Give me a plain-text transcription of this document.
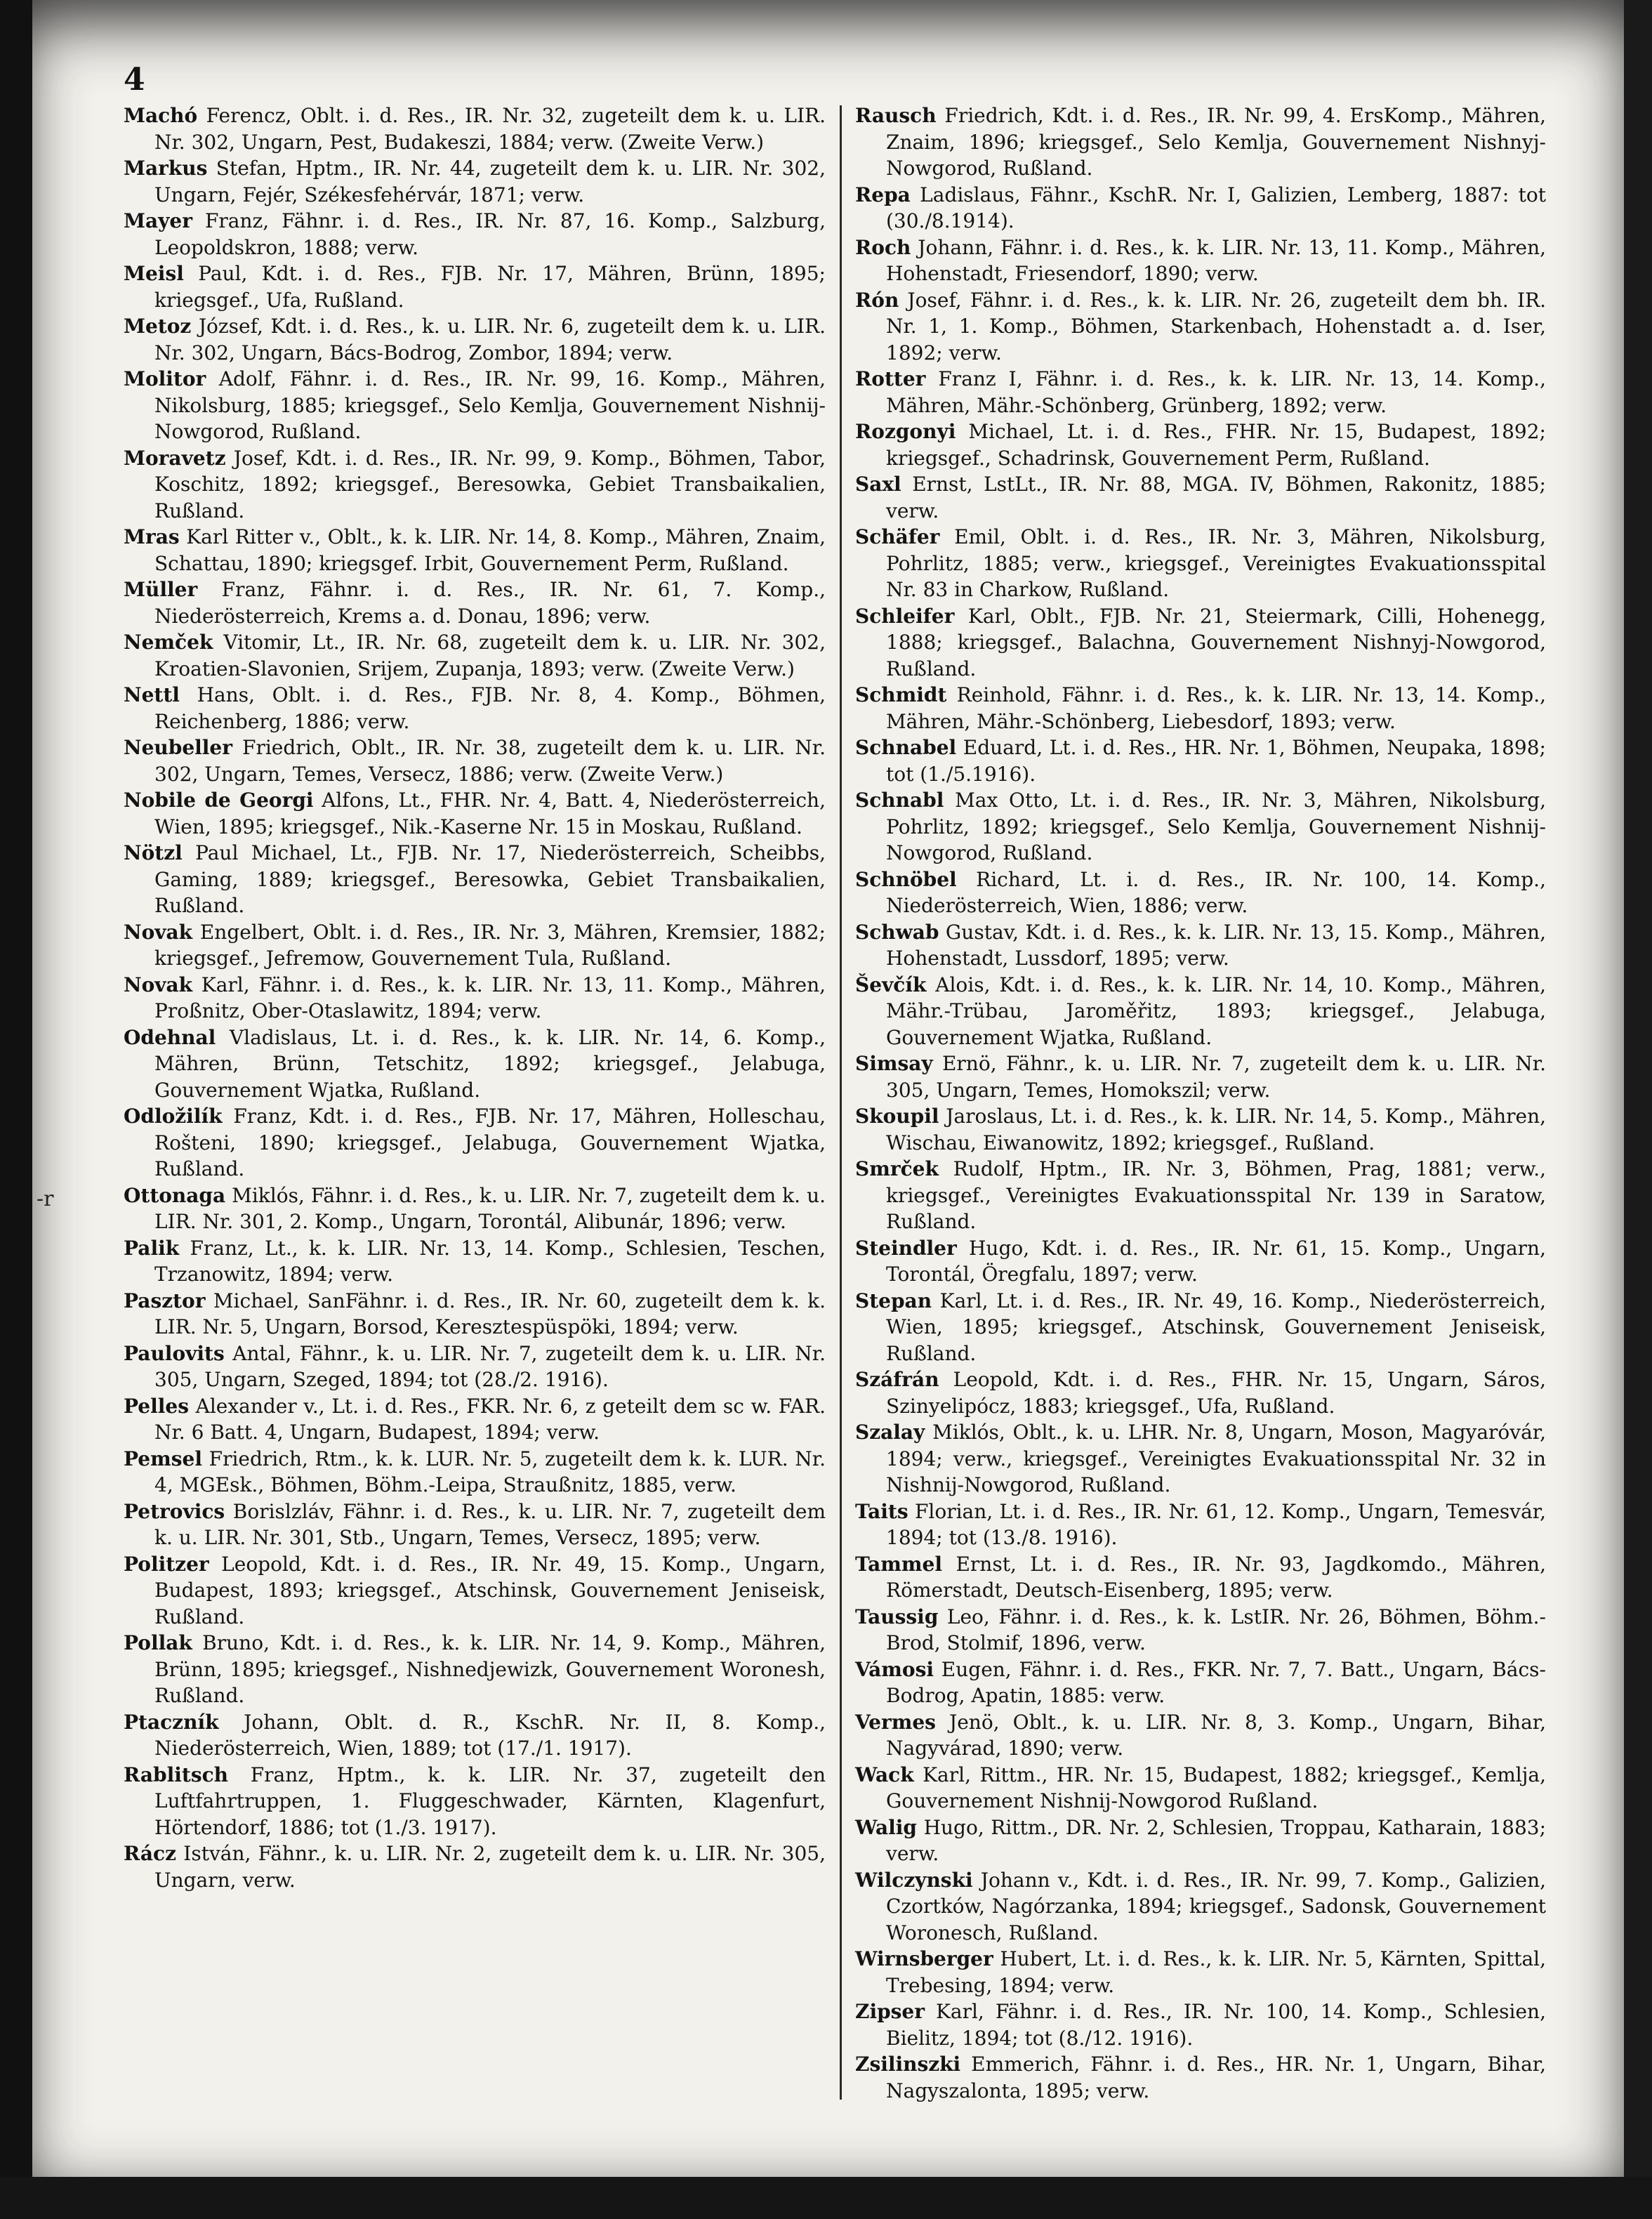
4
-r

Machó Ferencz, Oblt. i. d. Res., IR. Nr. 32, zugeteilt dem k. u. LIR. Nr. 302, Ungarn, Pest, Budakeszi, 1884; verw. (Zweite Verw.)

Markus Stefan, Hptm., IR. Nr. 44, zugeteilt dem k. u. LIR. Nr. 302, Ungarn, Fejér, Székesfehérvár, 1871; verw.

Mayer Franz, Fähnr. i. d. Res., IR. Nr. 87, 16. Komp., Salzburg, Leopoldskron, 1888; verw.

Meisl Paul, Kdt. i. d. Res., FJB. Nr. 17, Mähren, Brünn, 1895; kriegsgef., Ufa, Rußland.

Metoz József, Kdt. i. d. Res., k. u. LIR. Nr. 6, zugeteilt dem k. u. LIR. Nr. 302, Ungarn, Bács-Bodrog, Zombor, 1894; verw.

Molitor Adolf, Fähnr. i. d. Res., IR. Nr. 99, 16. Komp., Mähren, Nikolsburg, 1885; kriegsgef., Selo Kemlja, Gouvernement Nishnij-Nowgorod, Rußland.

Moravetz Josef, Kdt. i. d. Res., IR. Nr. 99, 9. Komp., Böhmen, Tabor, Koschitz, 1892; kriegsgef., Beresowka, Gebiet Transbaikalien, Rußland.

Mras Karl Ritter v., Oblt., k. k. LIR. Nr. 14, 8. Komp., Mähren, Znaim, Schattau, 1890; kriegsgef. Irbit, Gouvernement Perm, Rußland.

Müller Franz, Fähnr. i. d. Res., IR. Nr. 61, 7. Komp., Niederösterreich, Krems a. d. Donau, 1896; verw.

Nemček Vitomir, Lt., IR. Nr. 68, zugeteilt dem k. u. LIR. Nr. 302, Kroatien-Slavonien, Srijem, Zupanja, 1893; verw. (Zweite Verw.)

Nettl Hans, Oblt. i. d. Res., FJB. Nr. 8, 4. Komp., Böhmen, Reichenberg, 1886; verw.

Neubeller Friedrich, Oblt., IR. Nr. 38, zugeteilt dem k. u. LIR. Nr. 302, Ungarn, Temes, Versecz, 1886; verw. (Zweite Verw.)

Nobile de Georgi Alfons, Lt., FHR. Nr. 4, Batt. 4, Niederösterreich, Wien, 1895; kriegsgef., Nik.-Kaserne Nr. 15 in Moskau, Rußland.

Nötzl Paul Michael, Lt., FJB. Nr. 17, Niederösterreich, Scheibbs, Gaming, 1889; kriegsgef., Beresowka, Gebiet Transbaikalien, Rußland.

Novak Engelbert, Oblt. i. d. Res., IR. Nr. 3, Mähren, Kremsier, 1882; kriegsgef., Jefremow, Gouvernement Tula, Rußland.

Novak Karl, Fähnr. i. d. Res., k. k. LIR. Nr. 13, 11. Komp., Mähren, Proßnitz, Ober-Otaslawitz, 1894; verw.

Odehnal Vladislaus, Lt. i. d. Res., k. k. LIR. Nr. 14, 6. Komp., Mähren, Brünn, Tetschitz, 1892; kriegsgef., Jelabuga, Gouvernement Wjatka, Rußland.

Odložilík Franz, Kdt. i. d. Res., FJB. Nr. 17, Mähren, Holleschau, Rošteni, 1890; kriegsgef., Jelabuga, Gouvernement Wjatka, Rußland.

Ottonaga Miklós, Fähnr. i. d. Res., k. u. LIR. Nr. 7, zugeteilt dem k. u. LIR. Nr. 301, 2. Komp., Ungarn, Torontál, Alibunár, 1896; verw.

Palik Franz, Lt., k. k. LIR. Nr. 13, 14. Komp., Schlesien, Teschen, Trzanowitz, 1894; verw.

Pasztor Michael, SanFähnr. i. d. Res., IR. Nr. 60, zugeteilt dem k. k. LIR. Nr. 5, Ungarn, Borsod, Keresztespüspöki, 1894; verw.

Paulovits Antal, Fähnr., k. u. LIR. Nr. 7, zugeteilt dem k. u. LIR. Nr. 305, Ungarn, Szeged, 1894; tot (28./2. 1916).

Pelles Alexander v., Lt. i. d. Res., FKR. Nr. 6, z geteilt dem sc w. FAR. Nr. 6 Batt. 4, Ungarn, Budapest, 1894; verw.

Pemsel Friedrich, Rtm., k. k. LUR. Nr. 5, zugeteilt dem k. k. LUR. Nr. 4, MGEsk., Böhmen, Böhm.-Leipa, Straußnitz, 1885, verw.

Petrovics Borislzláv, Fähnr. i. d. Res., k. u. LIR. Nr. 7, zugeteilt dem k. u. LIR. Nr. 301, Stb., Ungarn, Temes, Versecz, 1895; verw.

Politzer Leopold, Kdt. i. d. Res., IR. Nr. 49, 15. Komp., Ungarn, Budapest, 1893; kriegsgef., Atschinsk, Gouvernement Jeniseisk, Rußland.

Pollak Bruno, Kdt. i. d. Res., k. k. LIR. Nr. 14, 9. Komp., Mähren, Brünn, 1895; kriegsgef., Nishnedjewizk, Gouvernement Woronesh, Rußland.

Ptaczník Johann, Oblt. d. R., KschR. Nr. II, 8. Komp., Niederösterreich, Wien, 1889; tot (17./1. 1917).

Rablitsch Franz, Hptm., k. k. LIR. Nr. 37, zugeteilt den Luftfahrtruppen, 1. Fluggeschwader, Kärnten, Klagenfurt, Hörtendorf, 1886; tot (1./3. 1917).

Rácz István, Fähnr., k. u. LIR. Nr. 2, zugeteilt dem k. u. LIR. Nr. 305, Ungarn, verw.

Rausch Friedrich, Kdt. i. d. Res., IR. Nr. 99, 4. ErsKomp., Mähren, Znaim, 1896; kriegsgef., Selo Kemlja, Gouvernement Nishnyj-Nowgorod, Rußland.

Repa Ladislaus, Fähnr., KschR. Nr. I, Galizien, Lemberg, 1887: tot (30./8.1914).

Roch Johann, Fähnr. i. d. Res., k. k. LIR. Nr. 13, 11. Komp., Mähren, Hohenstadt, Friesendorf, 1890; verw.

Rón Josef, Fähnr. i. d. Res., k. k. LIR. Nr. 26, zugeteilt dem bh. IR. Nr. 1, 1. Komp., Böhmen, Starkenbach, Hohenstadt a. d. Iser, 1892; verw.

Rotter Franz I, Fähnr. i. d. Res., k. k. LIR. Nr. 13, 14. Komp., Mähren, Mähr.-Schönberg, Grünberg, 1892; verw.

Rozgonyi Michael, Lt. i. d. Res., FHR. Nr. 15, Budapest, 1892; kriegsgef., Schadrinsk, Gouvernement Perm, Rußland.

Saxl Ernst, LstLt., IR. Nr. 88, MGA. IV, Böhmen, Rakonitz, 1885; verw.

Schäfer Emil, Oblt. i. d. Res., IR. Nr. 3, Mähren, Nikolsburg, Pohrlitz, 1885; verw., kriegsgef., Vereinigtes Evakuationsspital Nr. 83 in Charkow, Rußland.

Schleifer Karl, Oblt., FJB. Nr. 21, Steiermark, Cilli, Hohenegg, 1888; kriegsgef., Balachna, Gouvernement Nishnyj-Nowgorod, Rußland.

Schmidt Reinhold, Fähnr. i. d. Res., k. k. LIR. Nr. 13, 14. Komp., Mähren, Mähr.-Schönberg, Liebesdorf, 1893; verw.

Schnabel Eduard, Lt. i. d. Res., HR. Nr. 1, Böhmen, Neupaka, 1898; tot (1./5.1916).

Schnabl Max Otto, Lt. i. d. Res., IR. Nr. 3, Mähren, Nikolsburg, Pohrlitz, 1892; kriegsgef., Selo Kemlja, Gouvernement Nishnij-Nowgorod, Rußland.

Schnöbel Richard, Lt. i. d. Res., IR. Nr. 100, 14. Komp., Niederösterreich, Wien, 1886; verw.

Schwab Gustav, Kdt. i. d. Res., k. k. LIR. Nr. 13, 15. Komp., Mähren, Hohenstadt, Lussdorf, 1895; verw.

Ševčík Alois, Kdt. i. d. Res., k. k. LIR. Nr. 14, 10. Komp., Mähren, Mähr.-Trübau, Jaroměřitz, 1893; kriegsgef., Jelabuga, Gouvernement Wjatka, Rußland.

Simsay Ernö, Fähnr., k. u. LIR. Nr. 7, zugeteilt dem k. u. LIR. Nr. 305, Ungarn, Temes, Homokszil; verw.

Skoupil Jaroslaus, Lt. i. d. Res., k. k. LIR. Nr. 14, 5. Komp., Mähren, Wischau, Eiwanowitz, 1892; kriegsgef., Rußland.

Smrček Rudolf, Hptm., IR. Nr. 3, Böhmen, Prag, 1881; verw., kriegsgef., Vereinigtes Evakuationsspital Nr. 139 in Saratow, Rußland.

Steindler Hugo, Kdt. i. d. Res., IR. Nr. 61, 15. Komp., Ungarn, Torontál, Öregfalu, 1897; verw.

Stepan Karl, Lt. i. d. Res., IR. Nr. 49, 16. Komp., Niederösterreich, Wien, 1895; kriegsgef., Atschinsk, Gouvernement Jeniseisk, Rußland.

Száfrán Leopold, Kdt. i. d. Res., FHR. Nr. 15, Ungarn, Sáros, Szinyelipócz, 1883; kriegsgef., Ufa, Rußland.

Szalay Miklós, Oblt., k. u. LHR. Nr. 8, Ungarn, Moson, Magyaróvár, 1894; verw., kriegsgef., Vereinigtes Evakuationsspital Nr. 32 in Nishnij-Nowgorod, Rußland.

Taits Florian, Lt. i. d. Res., IR. Nr. 61, 12. Komp., Ungarn, Temesvár, 1894; tot (13./8. 1916).

Tammel Ernst, Lt. i. d. Res., IR. Nr. 93, Jagdkomdo., Mähren, Römerstadt, Deutsch-Eisenberg, 1895; verw.

Taussig Leo, Fähnr. i. d. Res., k. k. LstIR. Nr. 26, Böhmen, Böhm.-Brod, Stolmif, 1896, verw.

Vámosi Eugen, Fähnr. i. d. Res., FKR. Nr. 7, 7. Batt., Ungarn, Bács-Bodrog, Apatin, 1885: verw.

Vermes Jenö, Oblt., k. u. LIR. Nr. 8, 3. Komp., Ungarn, Bihar, Nagyvárad, 1890; verw.

Wack Karl, Rittm., HR. Nr. 15, Budapest, 1882; kriegsgef., Kemlja, Gouvernement Nishnij-Nowgorod Rußland.

Walig Hugo, Rittm., DR. Nr. 2, Schlesien, Troppau, Katharain, 1883; verw.

Wilczynski Johann v., Kdt. i. d. Res., IR. Nr. 99, 7. Komp., Galizien, Czortków, Nagórzanka, 1894; kriegsgef., Sadonsk, Gouvernement Woronesch, Rußland.

Wirnsberger Hubert, Lt. i. d. Res., k. k. LIR. Nr. 5, Kärnten, Spittal, Trebesing, 1894; verw.

Zipser Karl, Fähnr. i. d. Res., IR. Nr. 100, 14. Komp., Schlesien, Bielitz, 1894; tot (8./12. 1916).

Zsilinszki Emmerich, Fähnr. i. d. Res., HR. Nr. 1, Ungarn, Bihar, Nagyszalonta, 1895; verw.
